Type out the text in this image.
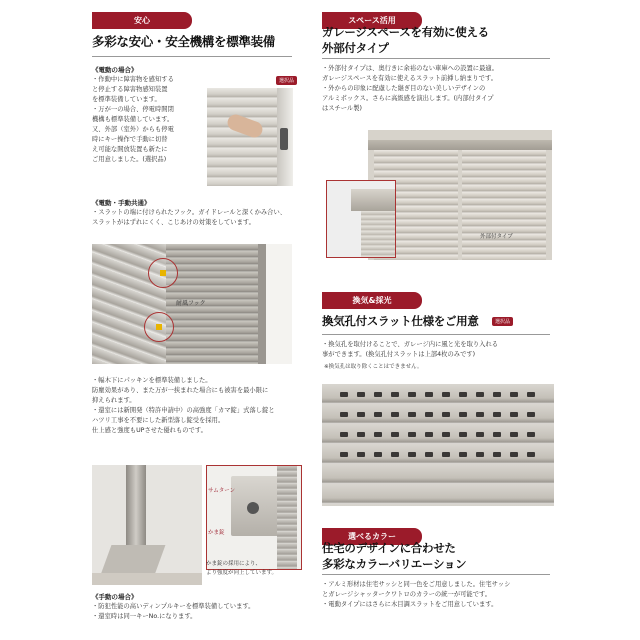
安心
多彩な安心・安全機構を標準装備
《電動の場合》
・作動中に障害物を感知する
と停止する障害物感知装置
を標準装備しています。
・万が一の場合、停電時開閉
機構も標準装備しています。
又、外部（室外）からも停電
時にキー操作で手動に切替
え可能な開放装置も新たに
ご用意しました。(選択品)
選択品
《電動・手動共通》
・スラットの端に付けられたフック。ガイドレールと深くかみ合い、
スラットがはずれにくく、こじあけの対策をしています。
耐風フック
・幅木下にパッキンを標準装備しました。
防塵効果があり、また万が一挟まれた場合にも被害を最小限に
抑えられます。
・還室には新開発（特許申請中）の高強度「カマ錠」式落し錠と
ハツリ工事を不要にした新型落し錠受を採用。
仕上感と強度もUPさせた優れものです。
サムターン
かま錠
かま錠の採用により、
より強度が向上しています。
《手動の場合》
・防犯性能の高いディンプルキーを標準装備しています。
・還室時は同一キーNo.になります。
スペース活用
ガレージスペースを有効に使える
外部付タイプ
・外部付タイプは、奥行きに余裕のない車庫への設置に最適。
ガレージスペースを有効に使えるスラット前挿し納まりです。
・外からの印象に配慮した継ぎ目のない美しいデザインの
アルミボックス。さらに高級感を演出します。(内部付タイプ
はスチール製)
外部付タイプ
換気&採光
換気孔付スラット仕様をご用意	選択品
・換気孔を取付けることで、ガレージ内に風と光を取り入れる
事ができます。(換気孔付スラットは上部4枚のみです)
※換気孔は取り除くことはできません。
選べるカラー
住宅のデザインに合わせた
多彩なカラーバリエーション
・アルミ形材は住宅サッシと同一色をご用意しました。住宅サッシ
とガレージシャッタークワトロのカラーの統一が可能です。
・電動タイプにはさらに木目調スラットをご用意しています。
